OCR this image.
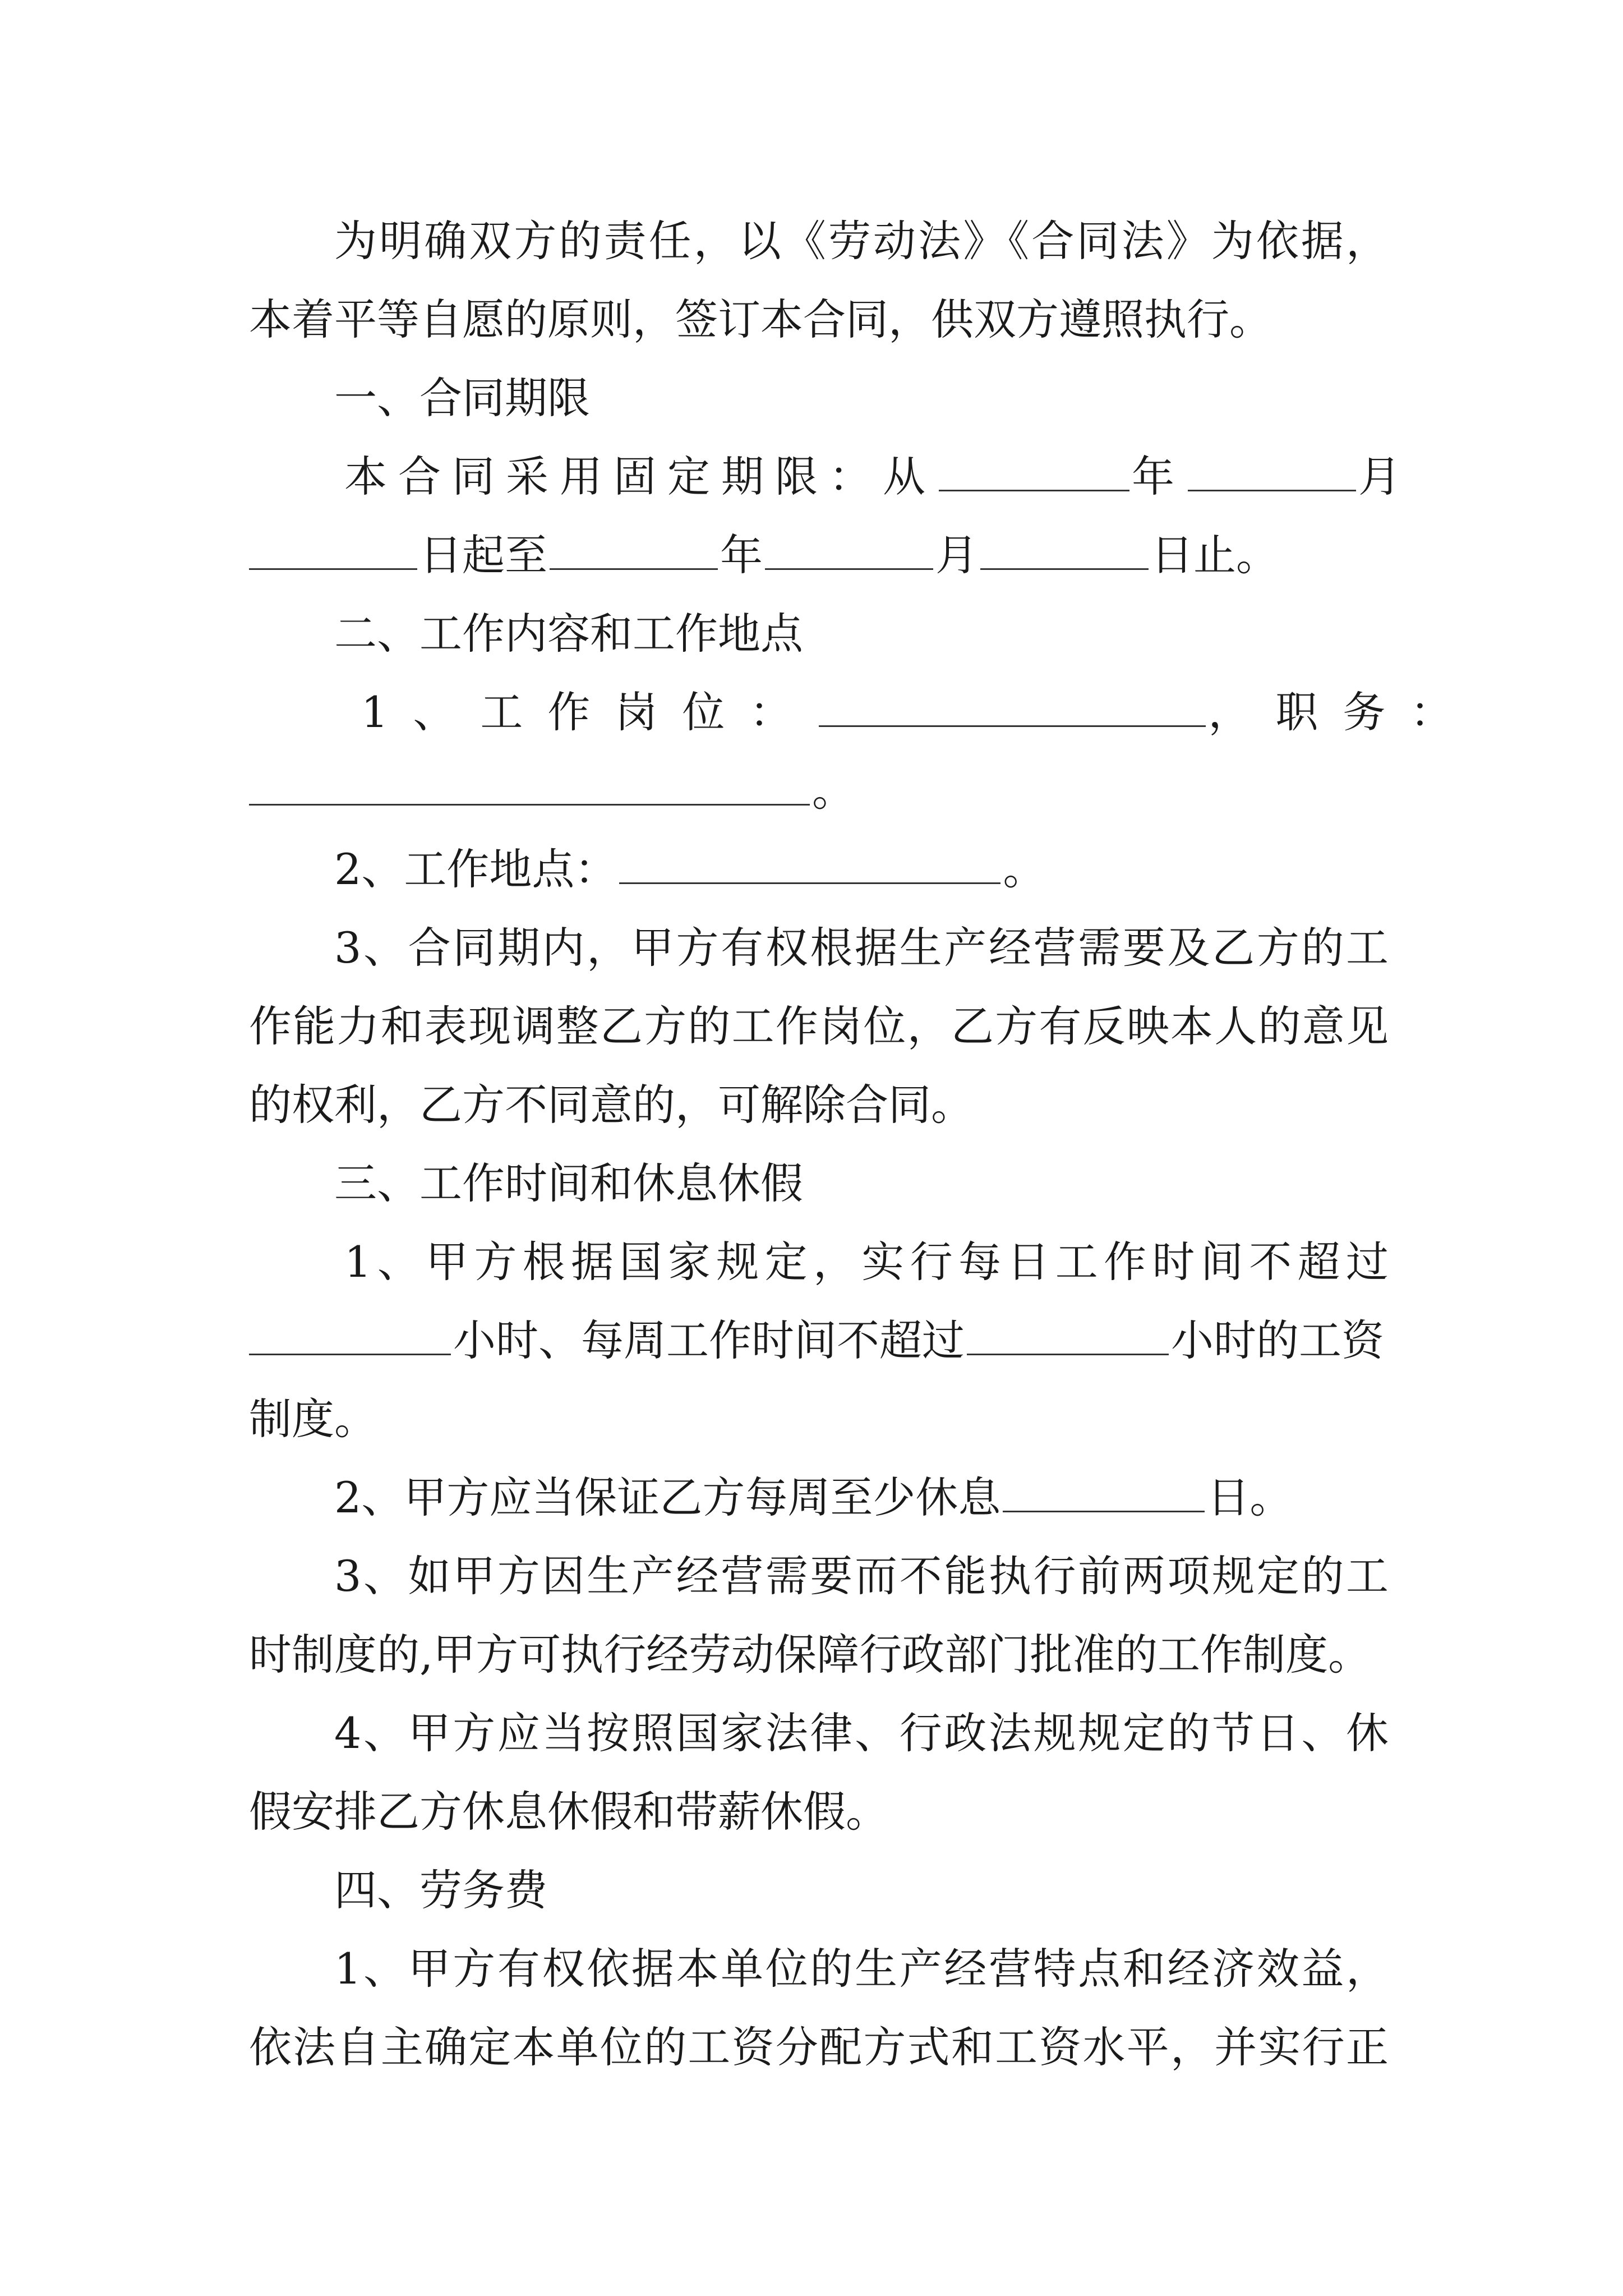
为明确双方的责任，以《劳动法》《合同法》为依据，
本着平等自愿的原则，签订本合同，供双方遵照执行。
一、合同期限
本合同采用固定期限：从	年	月
日起至	年	月	日止。
二、工作内容和工作地点
1、工作岗位：	，职务：
。
2、工作地点：	。
3、合同期内，甲方有权根据生产经营需要及乙方的工
作能力和表现调整乙方的工作岗位，乙方有反映本人的意见
的权利，乙方不同意的，可解除合同。
三、工作时间和休息休假
1、甲方根据国家规定，实行每日工作时间不超过
小时、每周工作时间不超过	小时的工资
制度。
2、甲方应当保证乙方每周至少休息	日。
3、如甲方因生产经营需要而不能执行前两项规定的工
时制度的,甲方可执行经劳动保障行政部门批准的工作制度。
4、甲方应当按照国家法律、行政法规规定的节日、休
假安排乙方休息休假和带薪休假。
四、劳务费
1、甲方有权依据本单位的生产经营特点和经济效益，
依法自主确定本单位的工资分配方式和工资水平，并实行正
